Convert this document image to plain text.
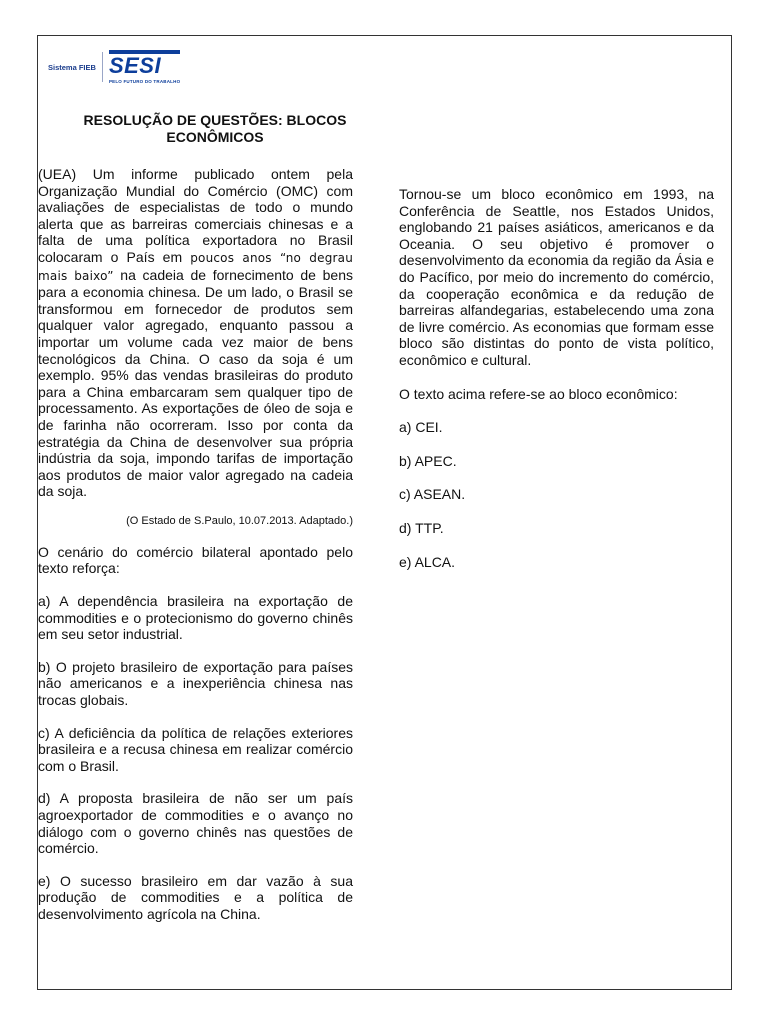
Sistema FIEB SESI
PELO FUTURO DO TRABALHO
RESOLUÇÃO DE QUESTÕES: BLOCOS ECONÔMICOS

(UEA) Um informe publicado ontem pela Organização Mundial do Comércio (OMC) com avaliações de especialistas de todo o mundo alerta que as barreiras comerciais chinesas e a falta de uma política exportadora no Brasil colocaram o País em poucos anos “no degrau mais baixo” na cadeia de fornecimento de bens para a economia chinesa. De um lado, o Brasil se transformou em fornecedor de produtos sem qualquer valor agregado, enquanto passou a importar um volume cada vez maior de bens tecnológicos da China. O caso da soja é um exemplo. 95% das vendas brasileiras do produto para a China embarcaram sem qualquer tipo de processamento. As exportações de óleo de soja e de farinha não ocorreram. Isso por conta da estratégia da China de desenvolver sua própria indústria da soja, impondo tarifas de importação aos produtos de maior valor agregado na cadeia da soja.

(O Estado de S.Paulo, 10.07.2013. Adaptado.)

O cenário do comércio bilateral apontado pelo texto reforça:

a) A dependência brasileira na exportação de commodities e o protecionismo do governo chinês em seu setor industrial.

b) O projeto brasileiro de exportação para países não americanos e a inexperiência chinesa nas trocas globais.

c) A deficiência da política de relações exteriores brasileira e a recusa chinesa em realizar comércio com o Brasil.

d) A proposta brasileira de não ser um país agroexportador de commodities e o avanço no diálogo com o governo chinês nas questões de comércio.

e) O sucesso brasileiro em dar vazão à sua produção de commodities e a política de desenvolvimento agrícola na China.

Tornou-se um bloco econômico em 1993, na Conferência de Seattle, nos Estados Unidos, englobando 21 países asiáticos, americanos e da Oceania. O seu objetivo é promover o desenvolvimento da economia da região da Ásia e do Pacífico, por meio do incremento do comércio, da cooperação econômica e da redução de barreiras alfandegarias, estabelecendo uma zona de livre comércio. As economias que formam esse bloco são distintas do ponto de vista político, econômico e cultural.

O texto acima refere-se ao bloco econômico:

a) CEI.

b) APEC.

c) ASEAN.

d) TTP.

e) ALCA.
